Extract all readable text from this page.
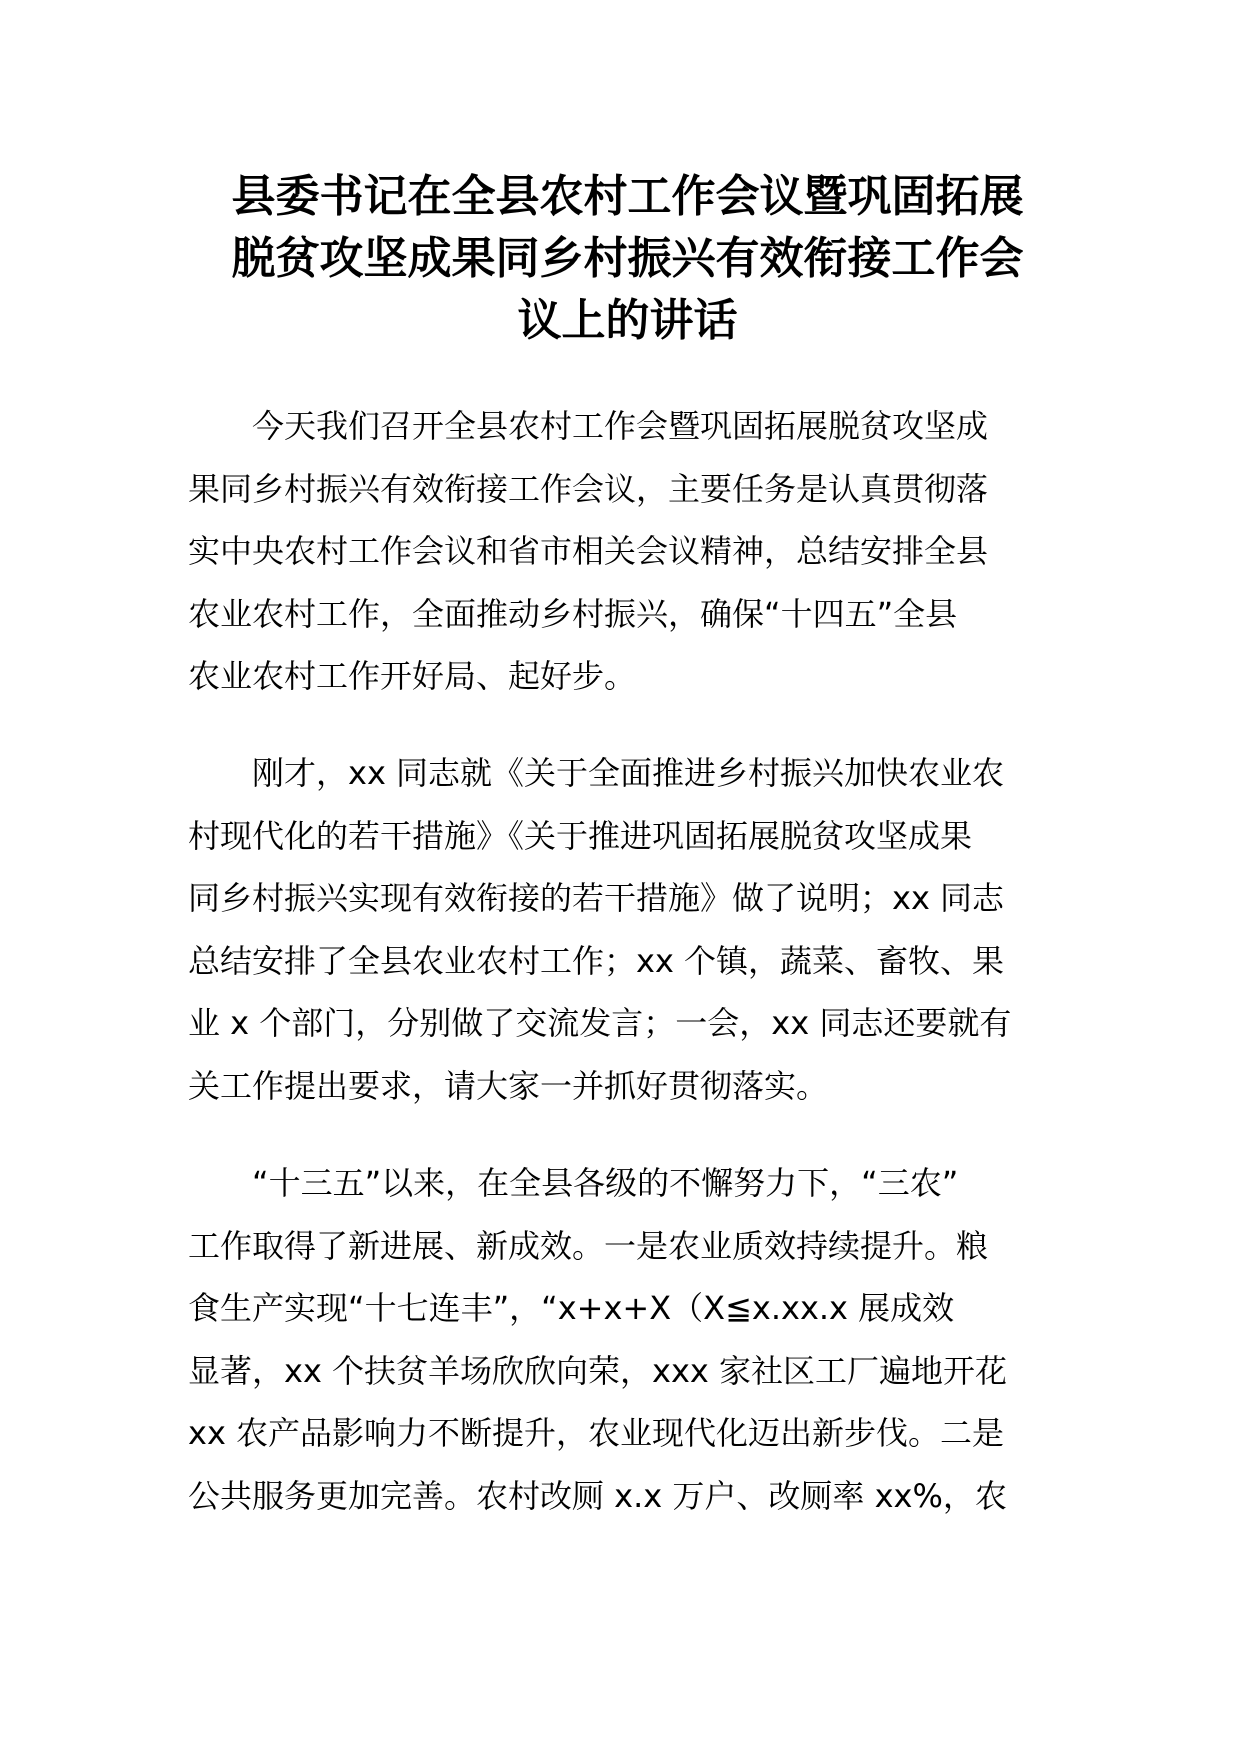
县委书记在全县农村工作会议暨巩固拓展
脱贫攻坚成果同乡村振兴有效衔接工作会
议上的讲话

今天我们召开全县农村工作会暨巩固拓展脱贫攻坚成
果同乡村振兴有效衔接工作会议，主要任务是认真贯彻落
实中央农村工作会议和省市相关会议精神，总结安排全县
农业农村工作，全面推动乡村振兴，确保“十四五”全县
农业农村工作开好局、起好步。

刚才，xx 同志就《关于全面推进乡村振兴加快农业农
村现代化的若干措施》《关于推进巩固拓展脱贫攻坚成果
同乡村振兴实现有效衔接的若干措施》做了说明；xx 同志
总结安排了全县农业农村工作；xx 个镇，蔬菜、畜牧、果
业 x 个部门，分别做了交流发言；一会，xx 同志还要就有
关工作提出要求，请大家一并抓好贯彻落实。

“十三五”以来，在全县各级的不懈努力下，“三农”
工作取得了新进展、新成效。一是农业质效持续提升。粮
食生产实现“十七连丰”，“x+x+X（X≦x.xx.x 展成效
显著，xx 个扶贫羊场欣欣向荣，xxx 家社区工厂遍地开花
xx 农产品影响力不断提升，农业现代化迈出新步伐。二是
公共服务更加完善。农村改厕 x.x 万户、改厕率 xx%，农
